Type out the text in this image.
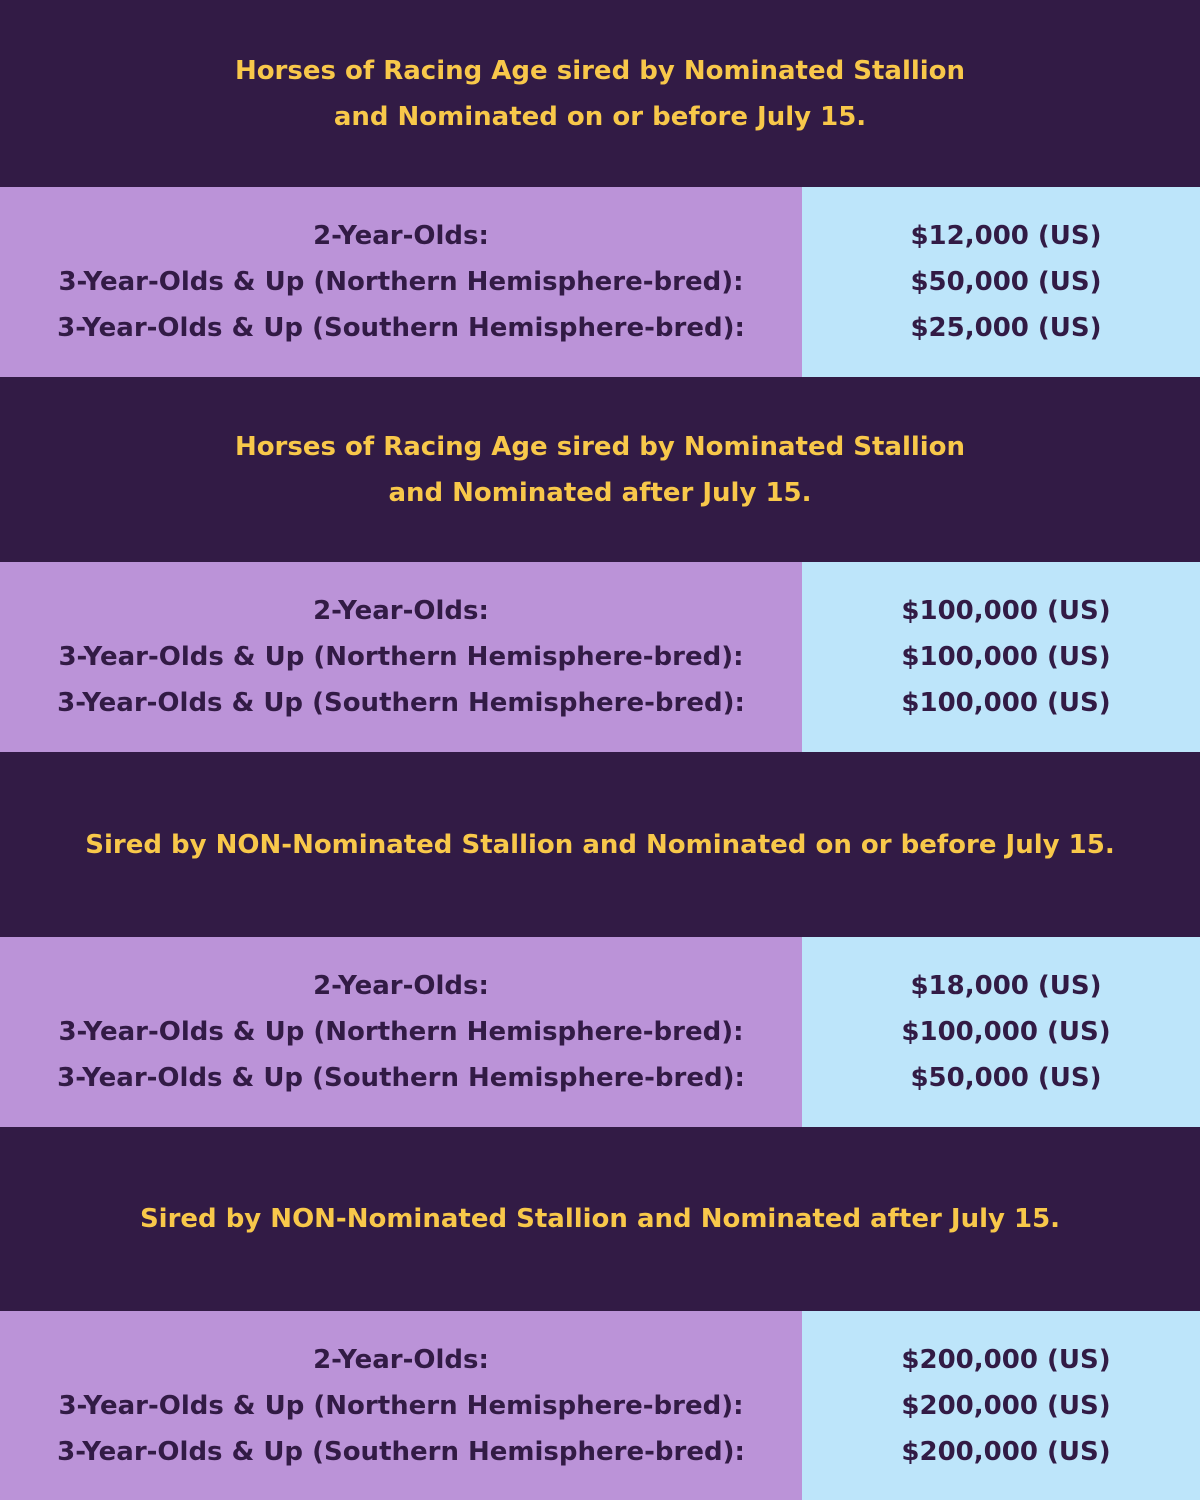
Horses of Racing Age sired by Nominated Stallion
and Nominated on or before July 15.
2-Year-Olds:
3-Year-Olds & Up (Northern Hemisphere-bred):
3-Year-Olds & Up (Southern Hemisphere-bred):
$12,000 (US)
$50,000 (US)
$25,000 (US)
Horses of Racing Age sired by Nominated Stallion
and Nominated after July 15.
2-Year-Olds:
3-Year-Olds & Up (Northern Hemisphere-bred):
3-Year-Olds & Up (Southern Hemisphere-bred):
$100,000 (US)
$100,000 (US)
$100,000 (US)
Sired by NON-Nominated Stallion and Nominated on or before July 15.
2-Year-Olds:
3-Year-Olds & Up (Northern Hemisphere-bred):
3-Year-Olds & Up (Southern Hemisphere-bred):
$18,000 (US)
$100,000 (US)
$50,000 (US)
Sired by NON-Nominated Stallion and Nominated after July 15.
2-Year-Olds:
3-Year-Olds & Up (Northern Hemisphere-bred):
3-Year-Olds & Up (Southern Hemisphere-bred):
$200,000 (US)
$200,000 (US)
$200,000 (US)
